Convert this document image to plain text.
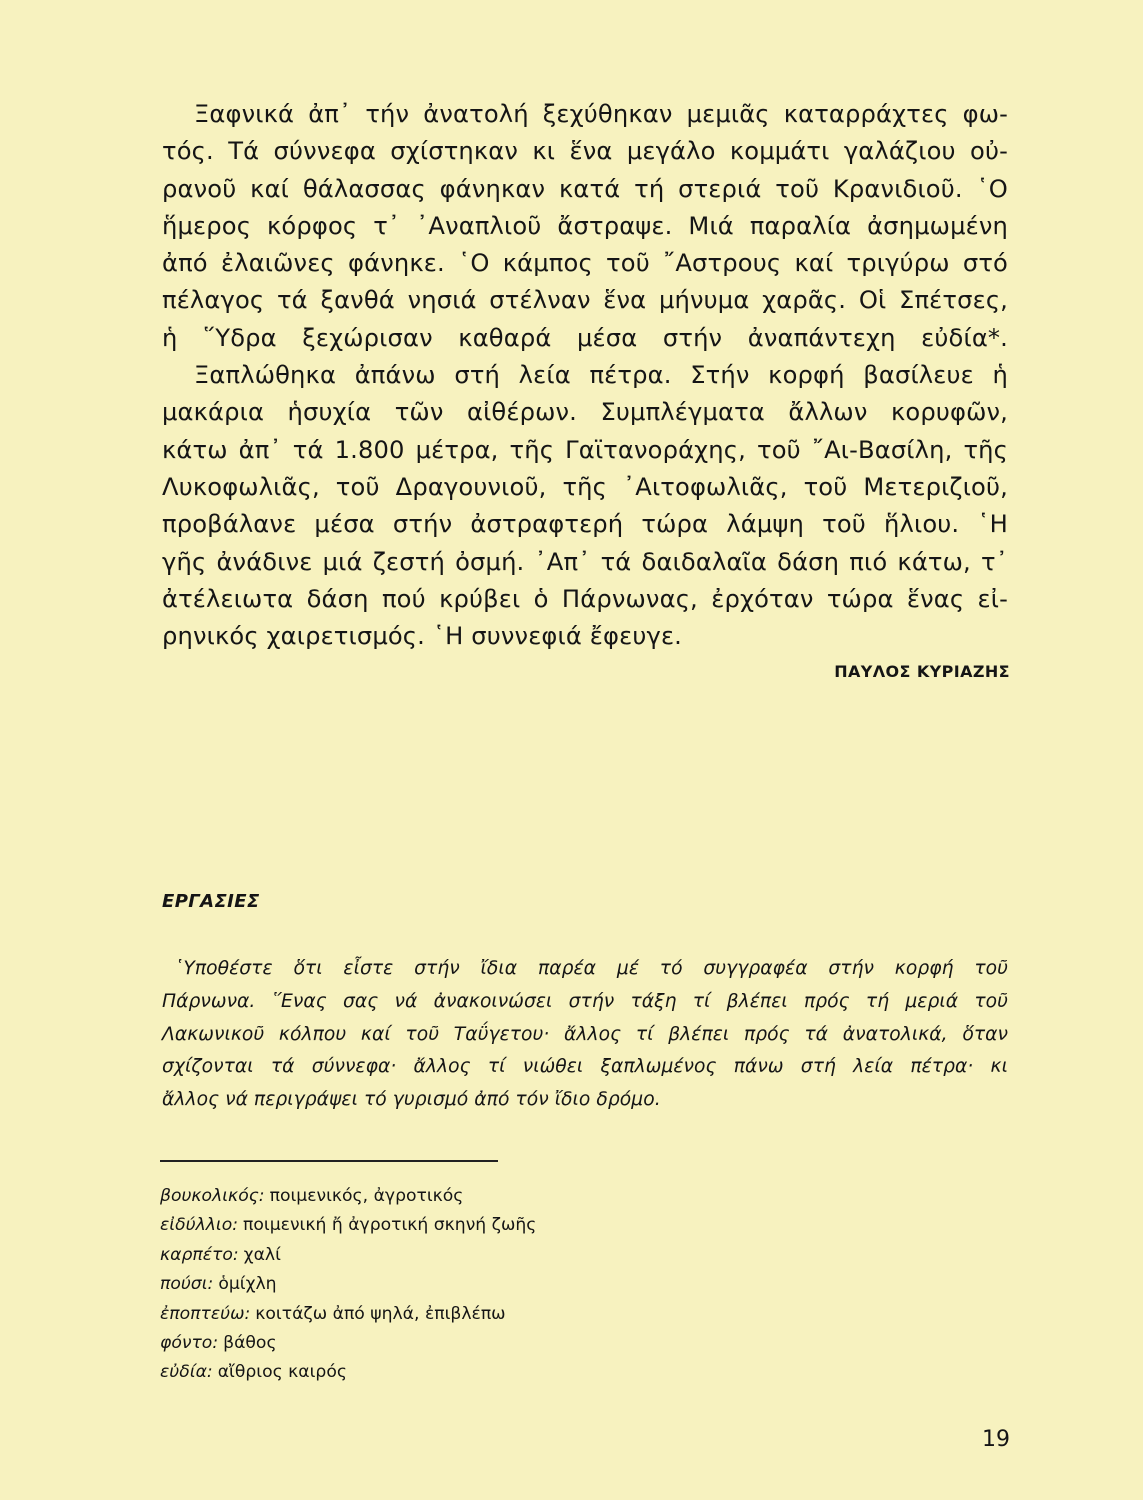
Ξαφνικά ἀπ᾽ τήν ἀνατολή ξεχύθηκαν μεμιᾶς καταρράχτες φω-
τός. Τά σύννεφα σχίστηκαν κι ἕνα μεγάλο κομμάτι γαλάζιου οὐ-
ρανοῦ καί θάλασσας φάνηκαν κατά τή στεριά τοῦ Κρανιδιοῦ. ῾Ο
ἥμερος κόρφος τ᾽ ᾽Αναπλιοῦ ἄστραψε. Μιά παραλία ἀσημωμένη
ἀπό ἐλαιῶνες φάνηκε. ῾Ο κάμπος τοῦ ῎Αστρους καί τριγύρω στό
πέλαγος τά ξανθά νησιά στέλναν ἕνα μήνυμα χαρᾶς. Οἱ Σπέτσες,
ἡ ῞Υδρα ξεχώρισαν καθαρά μέσα στήν ἀναπάντεχη εὐδία*.
Ξαπλώθηκα ἀπάνω στή λεία πέτρα. Στήν κορφή βασίλευε ἡ
μακάρια ἡσυχία τῶν αἰθέρων. Συμπλέγματα ἄλλων κορυφῶν,
κάτω ἀπ᾽ τά 1.800 μέτρα, τῆς Γαϊτανοράχης, τοῦ ῎Αι-Βασίλη, τῆς
Λυκοφωλιᾶς, τοῦ Δραγουνιοῦ, τῆς ᾽Αιτοφωλιᾶς, τοῦ Μετεριζιοῦ,
προβάλανε μέσα στήν ἀστραφτερή τώρα λάμψη τοῦ ἥλιου. ῾Η
γῆς ἀνάδινε μιά ζεστή ὀσμή. ᾽Απ᾽ τά δαιδαλαῖα δάση πιό κάτω, τ᾽
ἀτέλειωτα δάση πού κρύβει ὁ Πάρνωνας, ἐρχόταν τώρα ἕνας εἰ-
ρηνικός χαιρετισμός. ῾Η συννεφιά ἔφευγε.
ΠΑΥΛΟΣ ΚΥΡΙΑΖΗΣ
ΕΡΓΑΣΙΕΣ
῾Υποθέστε ὅτι εἶστε στήν ἴδια παρέα μέ τό συγγραφέα στήν κορφή τοῦ
Πάρνωνα. ῞Ενας σας νά ἀνακοινώσει στήν τάξη τί βλέπει πρός τή μεριά τοῦ
Λακωνικοῦ κόλπου καί τοῦ Ταΰγετου· ἄλλος τί βλέπει πρός τά ἀνατολικά, ὅταν
σχίζονται τά σύννεφα· ἄλλος τί νιώθει ξαπλωμένος πάνω στή λεία πέτρα· κι
ἄλλος νά περιγράψει τό γυρισμό ἀπό τόν ἴδιο δρόμο.
βουκολικός: ποιμενικός, ἀγροτικός
εἰδύλλιο: ποιμενική ἤ ἀγροτική σκηνή ζωῆς
καρπέτο: χαλί
πούσι: ὁμίχλη
ἐποπτεύω: κοιτάζω ἀπό ψηλά, ἐπιβλέπω
φόντο: βάθος
εὐδία: αἴθριος καιρός
19
